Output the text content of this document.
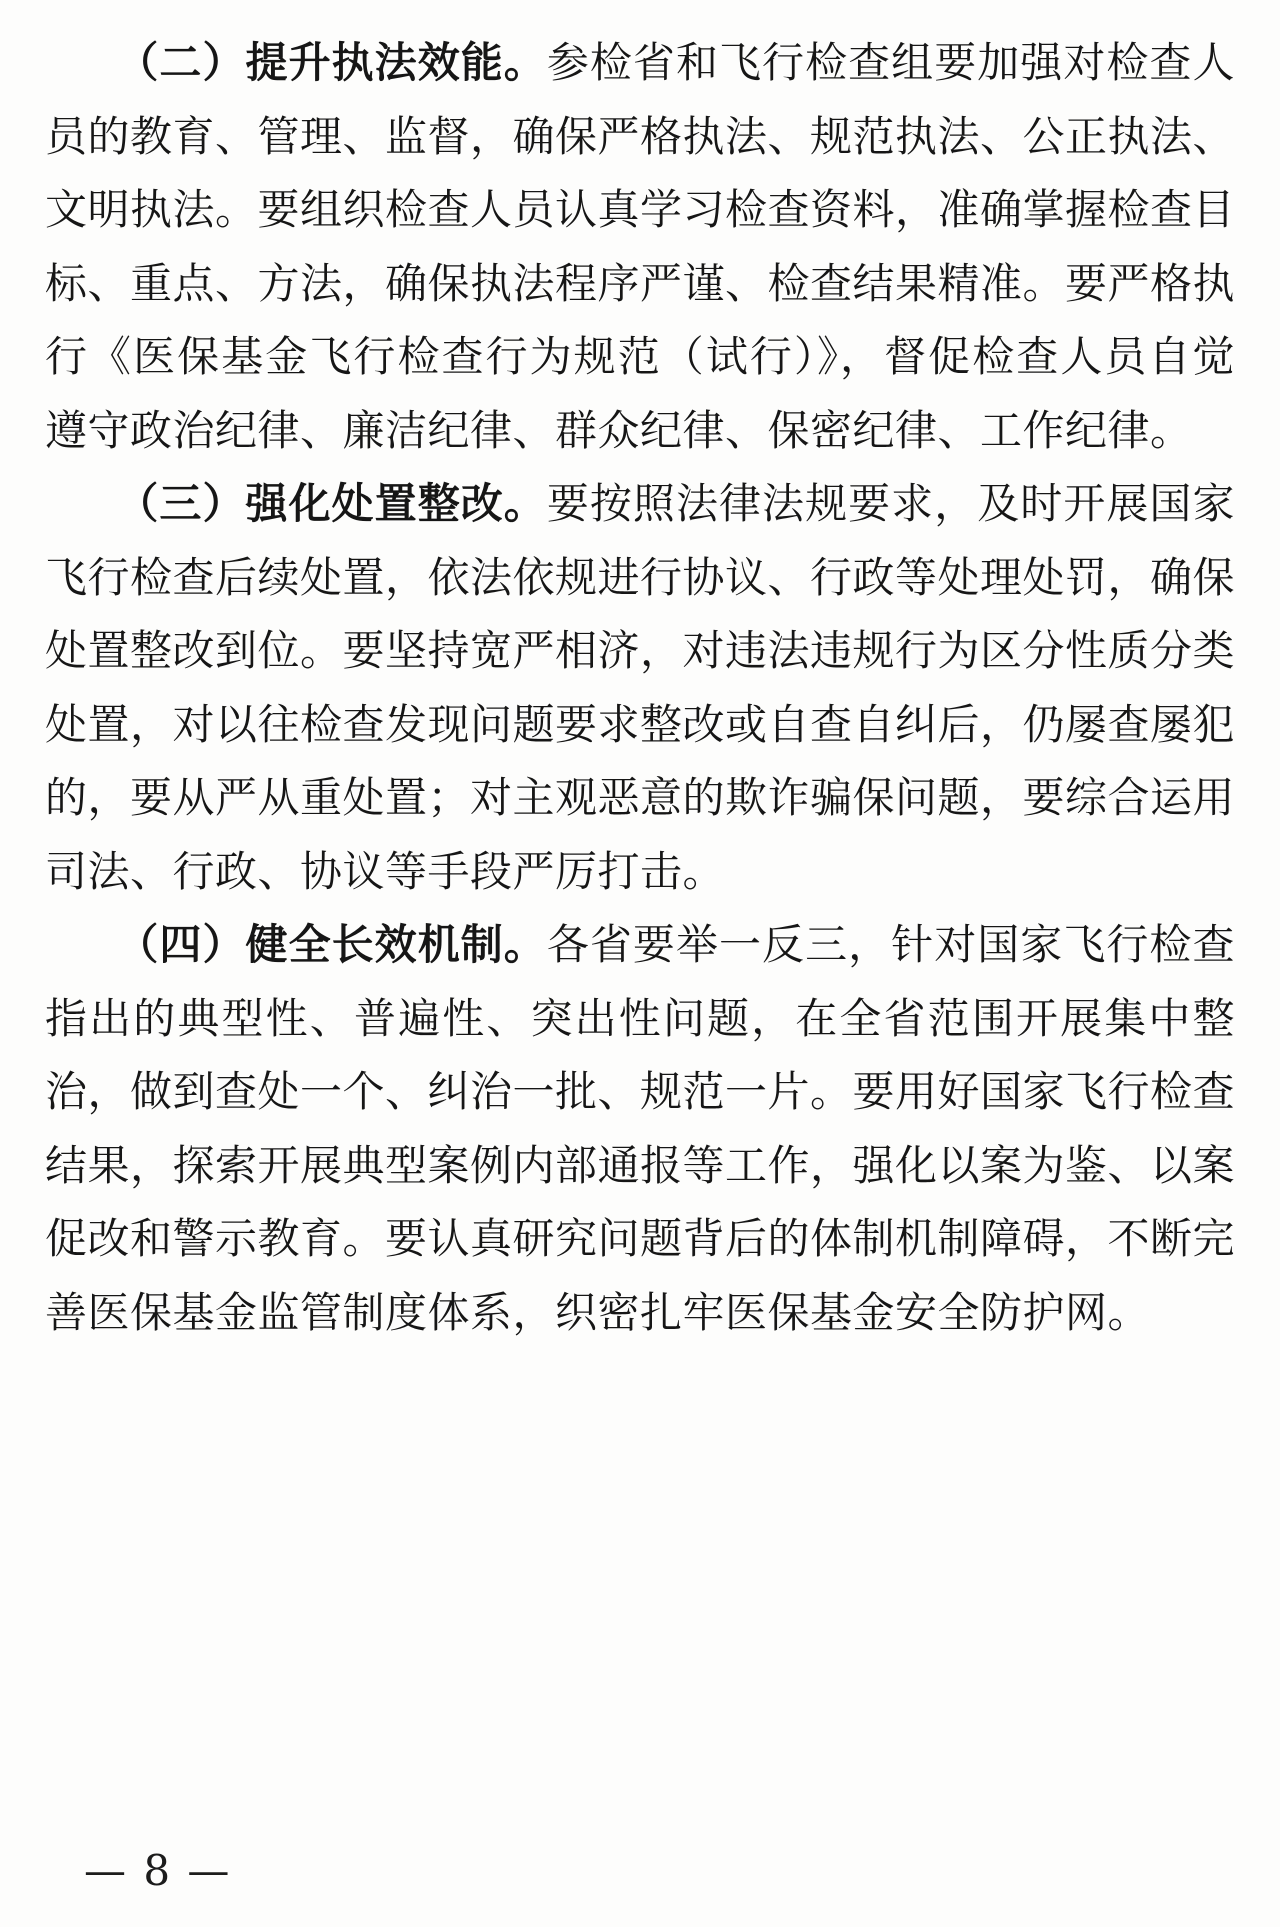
（二）提升执法效能。参检省和飞行检查组要加强对检查人员的教育、管理、监督，确保严格执法、规范执法、公正执法、文明执法。要组织检查人员认真学习检查资料，准确掌握检查目标、重点、方法，确保执法程序严谨、检查结果精准。要严格执行《医保基金飞行检查行为规范（试行）》，督促检查人员自觉遵守政治纪律、廉洁纪律、群众纪律、保密纪律、工作纪律。

（三）强化处置整改。要按照法律法规要求，及时开展国家飞行检查后续处置，依法依规进行协议、行政等处理处罚，确保处置整改到位。要坚持宽严相济，对违法违规行为区分性质分类处置，对以往检查发现问题要求整改或自查自纠后，仍屡查屡犯的，要从严从重处置；对主观恶意的欺诈骗保问题，要综合运用司法、行政、协议等手段严厉打击。

（四）健全长效机制。各省要举一反三，针对国家飞行检查指出的典型性、普遍性、突出性问题，在全省范围开展集中整治，做到查处一个、纠治一批、规范一片。要用好国家飞行检查结果，探索开展典型案例内部通报等工作，强化以案为鉴、以案促改和警示教育。要认真研究问题背后的体制机制障碍，不断完善医保基金监管制度体系，织密扎牢医保基金安全防护网。

— 8 —
